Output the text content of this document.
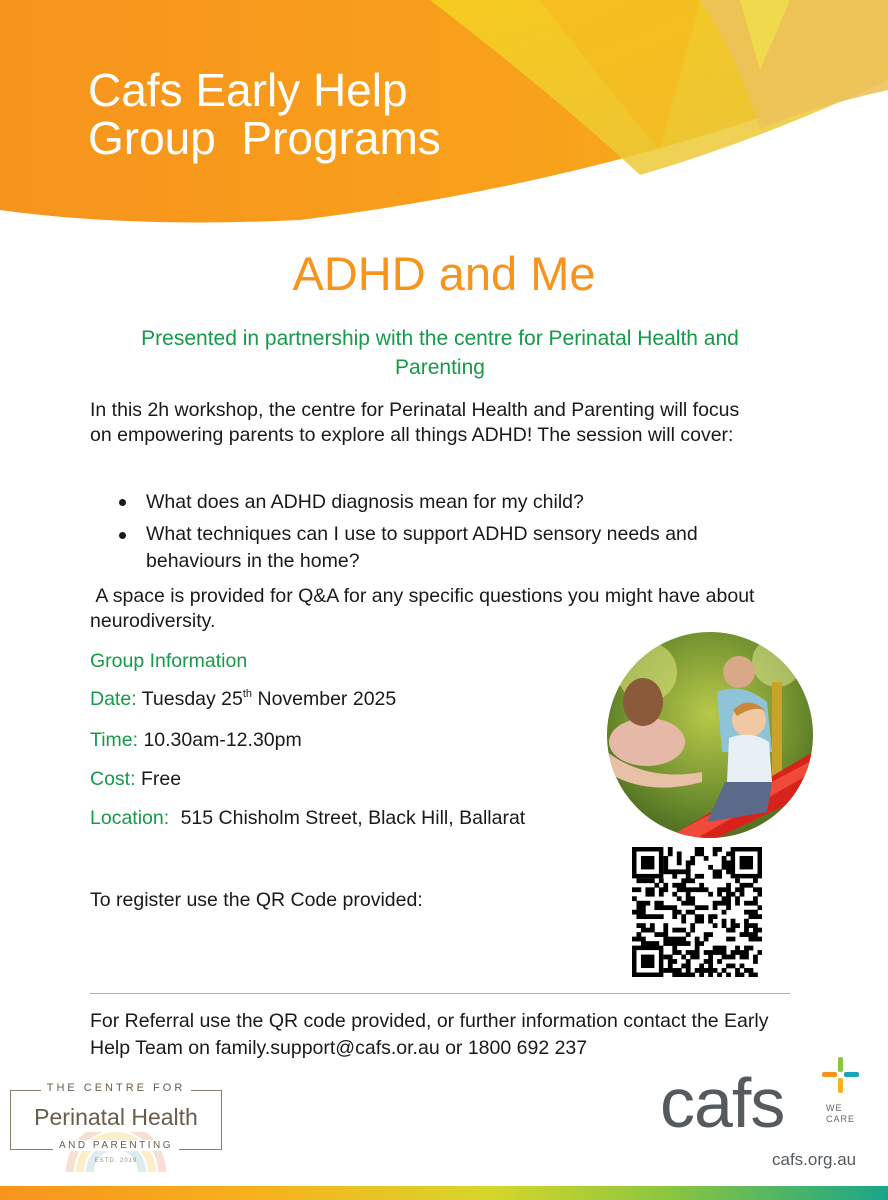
Cafs Early Help
Group  Programs
ADHD and Me

Presented in partnership with the centre for Perinatal Health and Parenting

In this 2h workshop, the centre for Perinatal Health and Parenting will focus on empowering parents to explore all things ADHD! The session will cover:

What does an ADHD diagnosis mean for my child?
What techniques can I use to support ADHD sensory needs and behaviours in the home?

A space is provided for Q&A for any specific questions you might have about neurodiversity.

Group Information
Date: Tuesday 25th November 2025
Time: 10.30am-12.30pm
Cost: Free
Location: 515 Chisholm Street, Black Hill, Ballarat
To register use the QR Code provided:

For Referral use the QR code provided, or further information contact the Early Help Team on family.support@cafs.or.au or 1800 692 237

THE CENTRE FOR
Perinatal Health
AND PARENTING
ESTD. 2019
cafs	WE
CARE
cafs.org.au
